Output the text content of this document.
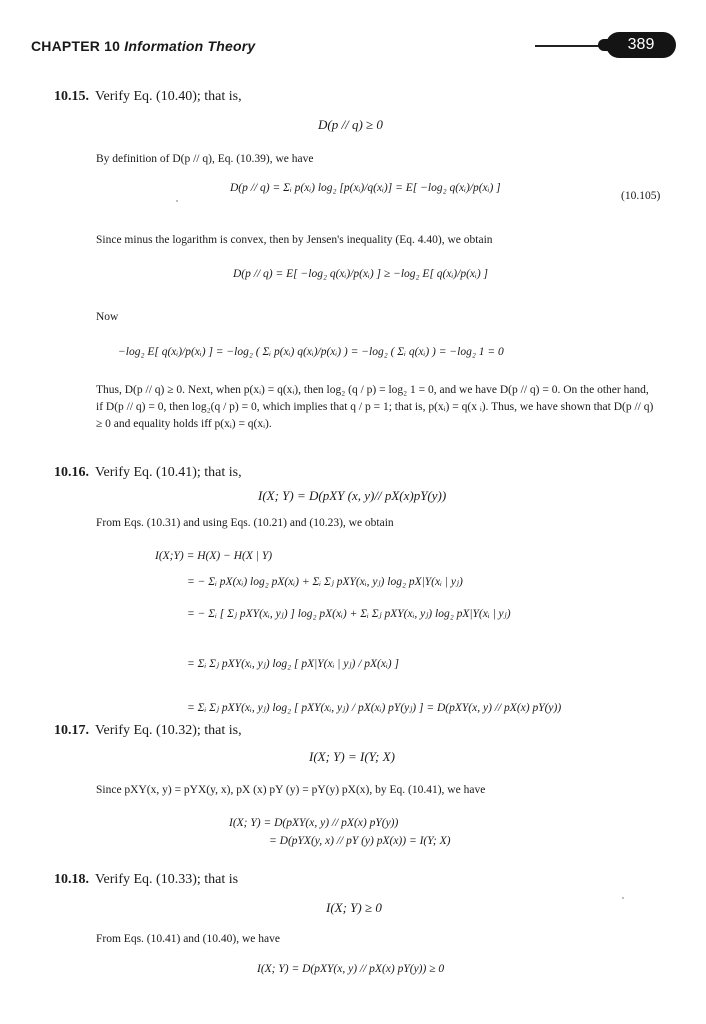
CHAPTER 10 Information Theory	389
10.15. Verify Eq. (10.40); that is,
D(p // q) ≥ 0
By definition of D(p // q), Eq. (10.39), we have
D(p // q) = Σᵢ p(xᵢ) log₂ [p(xᵢ)/q(xᵢ)] = E[ −log₂ q(xᵢ)/p(xᵢ) ]
(10.105)
Since minus the logarithm is convex, then by Jensen's inequality (Eq. 4.40), we obtain
D(p // q) = E[ −log₂ q(xᵢ)/p(xᵢ) ] ≥ −log₂ E[ q(xᵢ)/p(xᵢ) ]
Now
−log₂ E[ q(xᵢ)/p(xᵢ) ] = −log₂ ( Σᵢ p(xᵢ) q(xᵢ)/p(xᵢ) ) = −log₂ ( Σᵢ q(xᵢ) ) = −log₂ 1 = 0
Thus, D(p // q) ≥ 0. Next, when p(xᵢ) = q(xᵢ), then log₂ (q / p) = log₂ 1 = 0, and we have D(p // q) = 0. On the other hand, if D(p // q) = 0, then log₂(q / p) = 0, which implies that q / p = 1; that is, p(xᵢ) = q(x ᵢ). Thus, we have shown that D(p // q) ≥ 0 and equality holds iff p(xᵢ) = q(xᵢ).
10.16. Verify Eq. (10.41); that is,
I(X; Y) = D(pXY (x, y)// pX(x)pY(y))
From Eqs. (10.31) and using Eqs. (10.21) and (10.23), we obtain
I(X;Y) = H(X) − H(X | Y)
= − Σᵢ pX(xᵢ) log₂ pX(xᵢ) + Σᵢ Σⱼ pXY(xᵢ, yⱼ) log₂ pX|Y(xᵢ | yⱼ)
= − Σᵢ [ Σⱼ pXY(xᵢ, yⱼ) ] log₂ pX(xᵢ) + Σᵢ Σⱼ pXY(xᵢ, yⱼ) log₂ pX|Y(xᵢ | yⱼ)
= Σᵢ Σⱼ pXY(xᵢ, yⱼ) log₂ [ pX|Y(xᵢ | yⱼ) / pX(xᵢ) ]
= Σᵢ Σⱼ pXY(xᵢ, yⱼ) log₂ [ pXY(xᵢ, yⱼ) / pX(xᵢ) pY(yⱼ) ] = D(pXY(x, y) // pX(x) pY(y))
10.17. Verify Eq. (10.32); that is,
I(X; Y) = I(Y; X)
Since pXY(x, y) = pYX(y, x), pX (x) pY (y) = pY(y) pX(x), by Eq. (10.41), we have
I(X; Y) = D(pXY(x, y) // pX(x) pY(y))
= D(pYX(y, x) // pY (y) pX(x)) = I(Y; X)
10.18. Verify Eq. (10.33); that is
I(X; Y) ≥ 0
From Eqs. (10.41) and (10.40), we have
I(X; Y) = D(pXY(x, y) // pX(x) pY(y)) ≥ 0
